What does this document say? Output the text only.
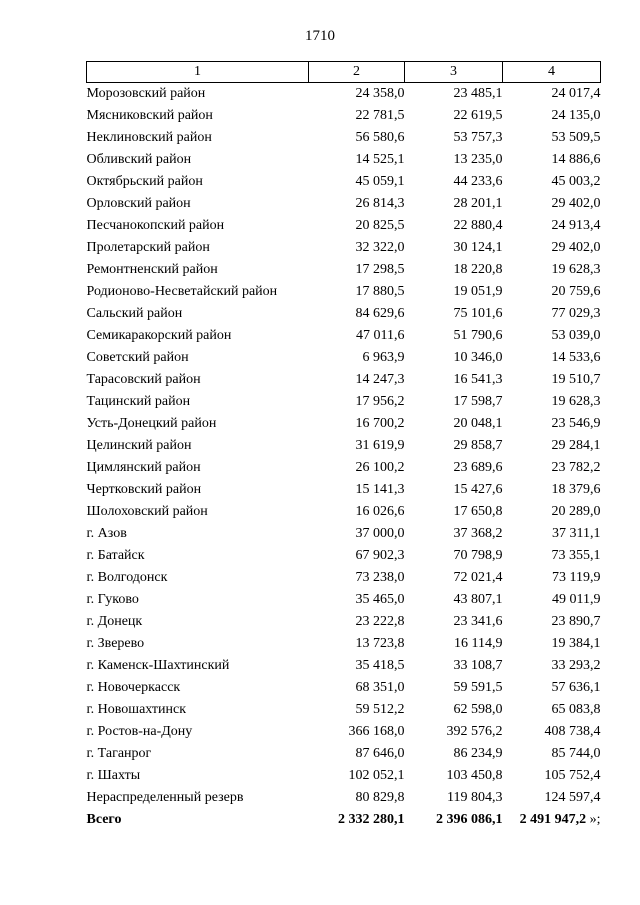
1710
1	2	3	4
Морозовский район	24 358,0	23 485,1	24 017,4
Мясниковский район	22 781,5	22 619,5	24 135,0
Неклиновский район	56 580,6	53 757,3	53 509,5
Обливский район	14 525,1	13 235,0	14 886,6
Октябрьский район	45 059,1	44 233,6	45 003,2
Орловский район	26 814,3	28 201,1	29 402,0
Песчанокопский район	20 825,5	22 880,4	24 913,4
Пролетарский район	32 322,0	30 124,1	29 402,0
Ремонтненский район	17 298,5	18 220,8	19 628,3
Родионово-Несветайский район	17 880,5	19 051,9	20 759,6
Сальский район	84 629,6	75 101,6	77 029,3
Семикаракорский район	47 011,6	51 790,6	53 039,0
Советский район	6 963,9	10 346,0	14 533,6
Тарасовский район	14 247,3	16 541,3	19 510,7
Тацинский район	17 956,2	17 598,7	19 628,3
Усть-Донецкий район	16 700,2	20 048,1	23 546,9
Целинский район	31 619,9	29 858,7	29 284,1
Цимлянский район	26 100,2	23 689,6	23 782,2
Чертковский район	15 141,3	15 427,6	18 379,6
Шолоховский район	16 026,6	17 650,8	20 289,0
г. Азов	37 000,0	37 368,2	37 311,1
г. Батайск	67 902,3	70 798,9	73 355,1
г. Волгодонск	73 238,0	72 021,4	73 119,9
г. Гуково	35 465,0	43 807,1	49 011,9
г. Донецк	23 222,8	23 341,6	23 890,7
г. Зверево	13 723,8	16 114,9	19 384,1
г. Каменск-Шахтинский	35 418,5	33 108,7	33 293,2
г. Новочеркасск	68 351,0	59 591,5	57 636,1
г. Новошахтинск	59 512,2	62 598,0	65 083,8
г. Ростов-на-Дону	366 168,0	392 576,2	408 738,4
г. Таганрог	87 646,0	86 234,9	85 744,0
г. Шахты	102 052,1	103 450,8	105 752,4
Нераспределенный резерв	80 829,8	119 804,3	124 597,4
Всего	2 332 280,1	2 396 086,1	2 491 947,2 »;
